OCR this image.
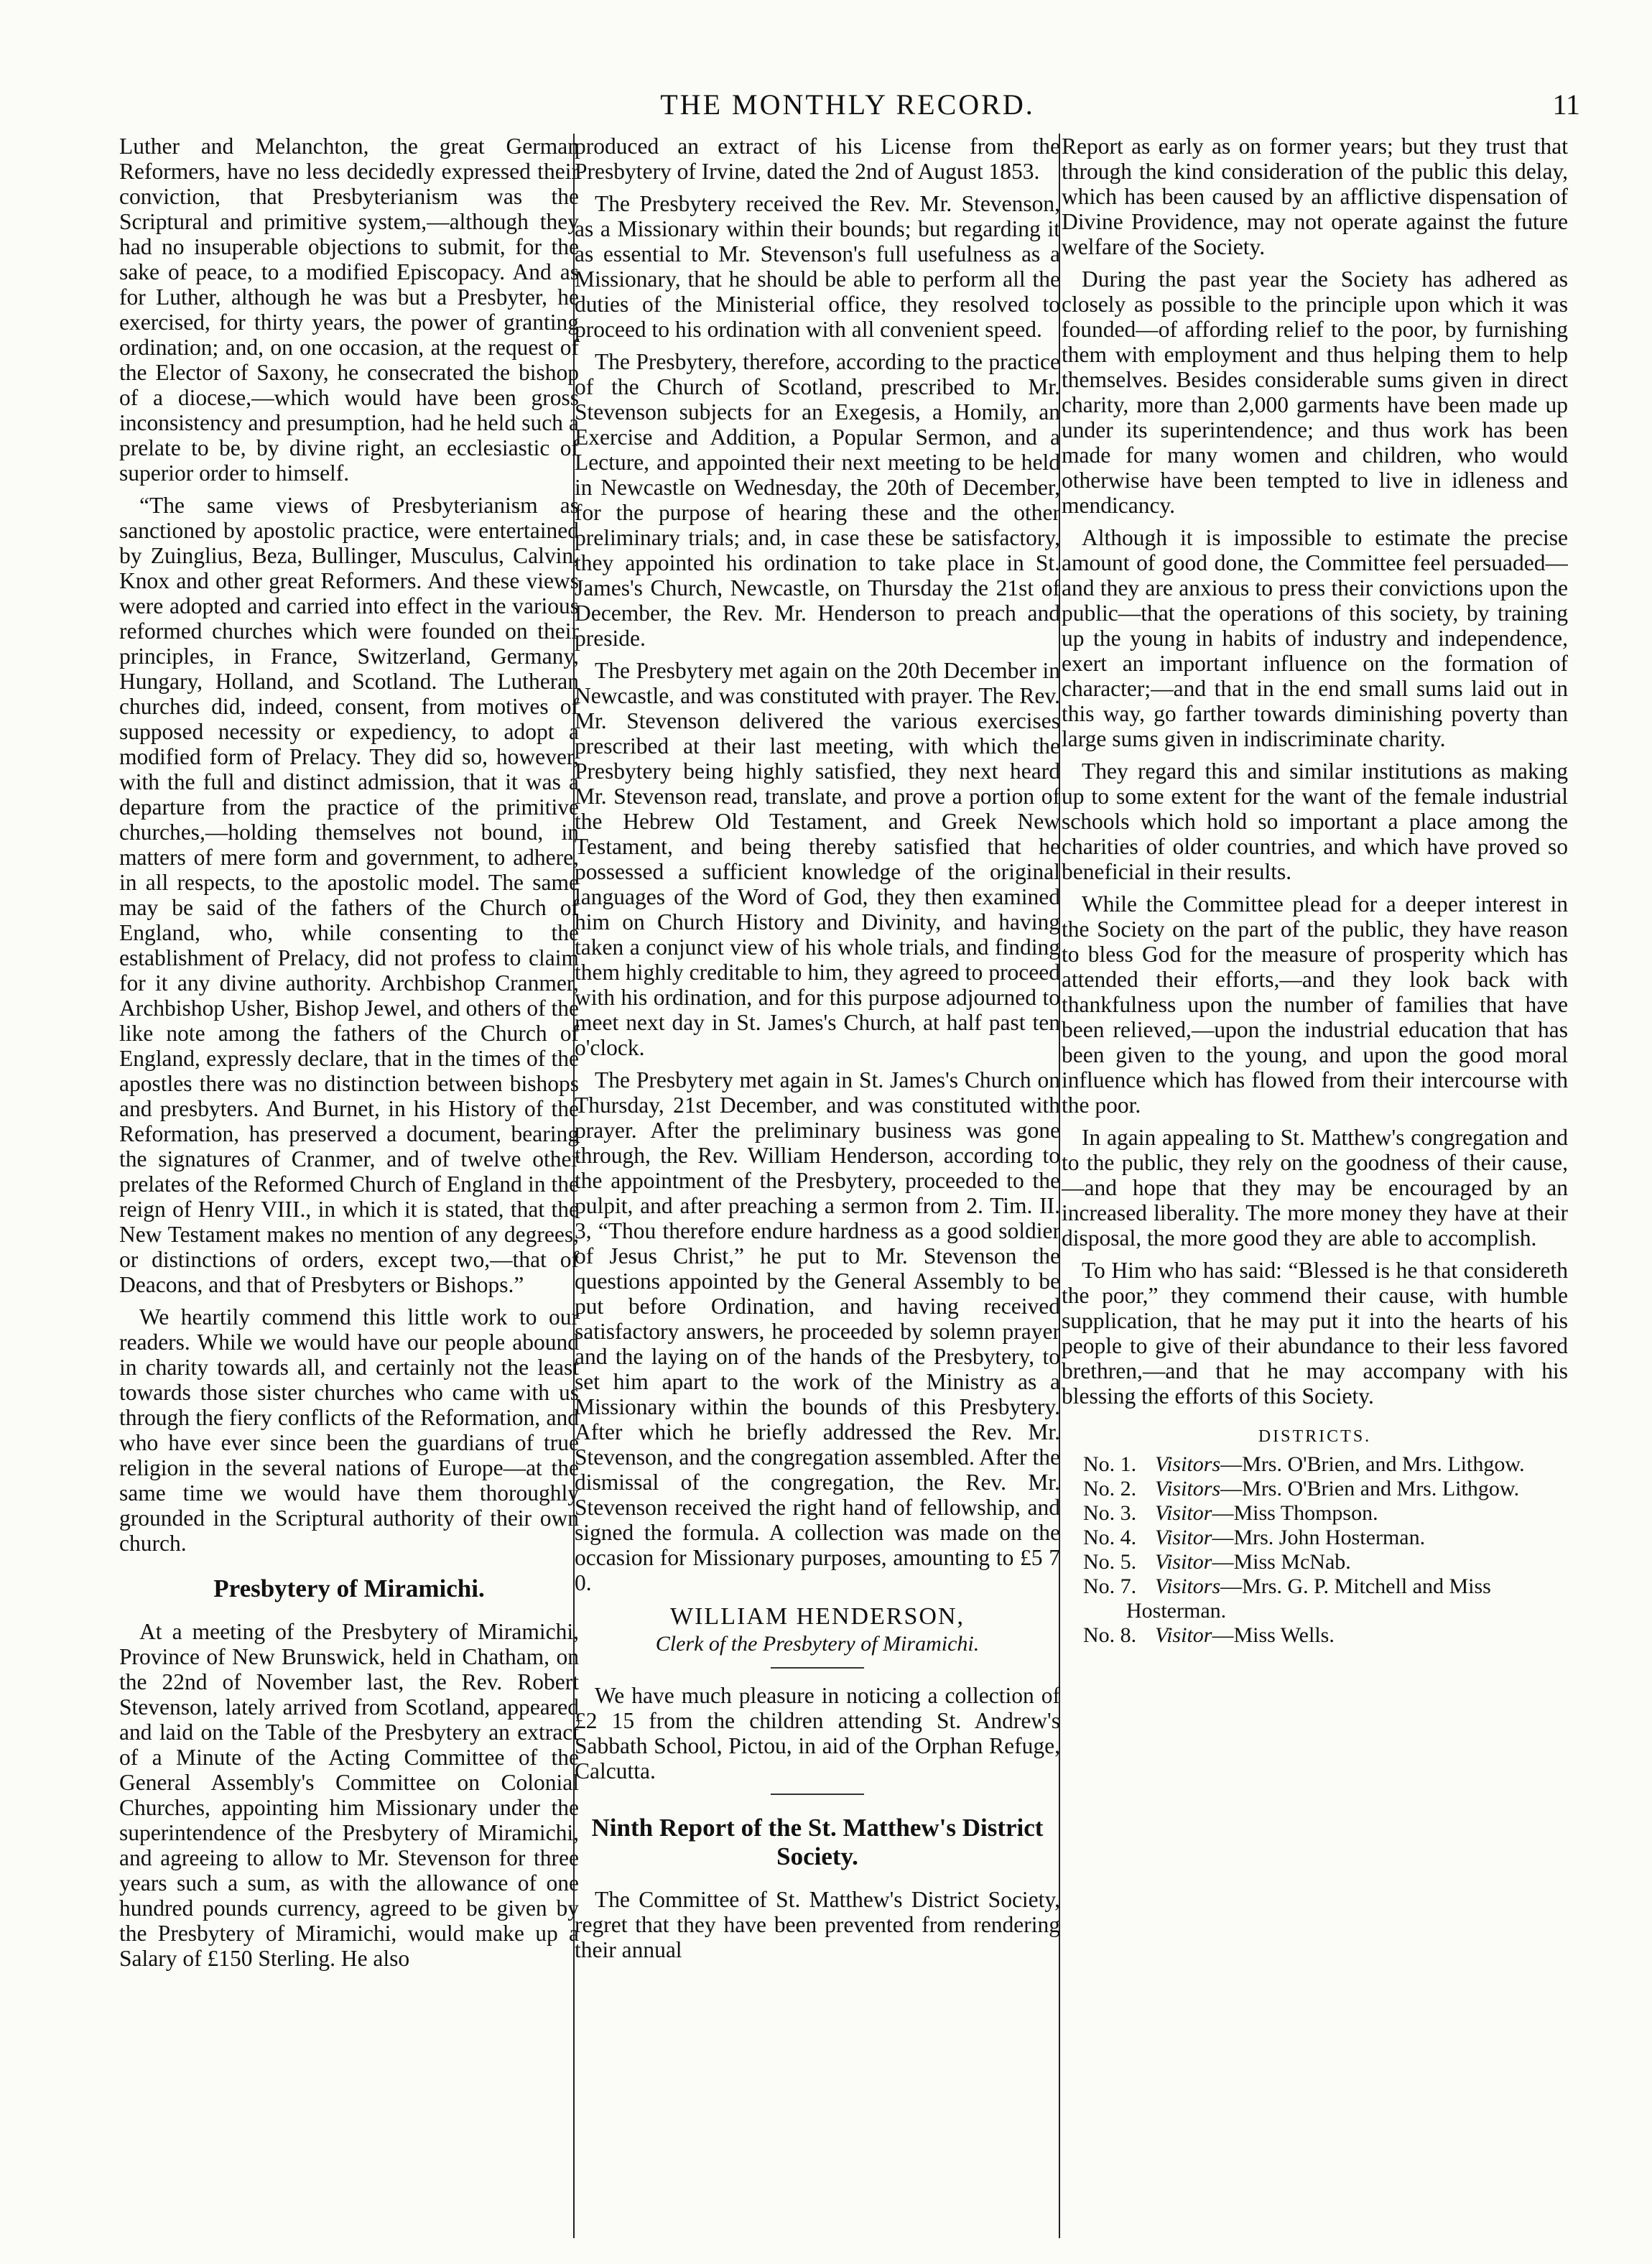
THE MONTHLY RECORD.	11

Luther and Melanchton, the great German Reformers, have no less decidedly expressed their conviction, that Presbyterianism was the Scriptural and primitive system,—although they had no insuperable objections to submit, for the sake of peace, to a modified Episcopacy. And as for Luther, although he was but a Presbyter, he exercised, for thirty years, the power of granting ordination; and, on one occasion, at the request of the Elector of Saxony, he consecrated the bishop of a diocese,—which would have been gross inconsistency and presumption, had he held such a prelate to be, by divine right, an ecclesiastic of superior order to himself.

“The same views of Presbyterianism as sanctioned by apostolic practice, were entertained by Zuinglius, Beza, Bullinger, Musculus, Calvin, Knox and other great Reformers. And these views were adopted and carried into effect in the various reformed churches which were founded on their principles, in France, Switzerland, Germany, Hungary, Holland, and Scotland. The Lutheran churches did, indeed, consent, from motives of supposed necessity or expediency, to adopt a modified form of Prelacy. They did so, however, with the full and distinct admission, that it was a departure from the practice of the primitive churches,—holding themselves not bound, in matters of mere form and government, to adhere, in all respects, to the apostolic model. The same may be said of the fathers of the Church of England, who, while consenting to the establishment of Prelacy, did not profess to claim for it any divine authority. Archbishop Cranmer, Archbishop Usher, Bishop Jewel, and others of the like note among the fathers of the Church of England, expressly declare, that in the times of the apostles there was no distinction between bishops and presbyters. And Burnet, in his History of the Reformation, has preserved a document, bearing the signatures of Cranmer, and of twelve other prelates of the Reformed Church of England in the reign of Henry VIII., in which it is stated, that the New Testament makes no mention of any degrees, or distinctions of orders, except two,—that of Deacons, and that of Presbyters or Bishops.”

We heartily commend this little work to our readers. While we would have our people abound in charity towards all, and certainly not the least towards those sister churches who came with us through the fiery conflicts of the Reformation, and who have ever since been the guardians of true religion in the several nations of Europe—at the same time we would have them thoroughly grounded in the Scriptural authority of their own church.

Presbytery of Miramichi.

At a meeting of the Presbytery of Miramichi, Province of New Brunswick, held in Chatham, on the 22nd of November last, the Rev. Robert Stevenson, lately arrived from Scotland, appeared and laid on the Table of the Presbytery an extract of a Minute of the Acting Committee of the General Assembly's Committee on Colonial Churches, appointing him Missionary under the superintendence of the Presbytery of Miramichi, and agreeing to allow to Mr. Stevenson for three years such a sum, as with the allowance of one hundred pounds currency, agreed to be given by the Presbytery of Miramichi, would make up a Salary of £150 Sterling. He also

produced an extract of his License from the Presbytery of Irvine, dated the 2nd of August 1853.

The Presbytery received the Rev. Mr. Stevenson, as a Missionary within their bounds; but regarding it as essential to Mr. Stevenson's full usefulness as a Missionary, that he should be able to perform all the duties of the Ministerial office, they resolved to proceed to his ordination with all convenient speed.

The Presbytery, therefore, according to the practice of the Church of Scotland, prescribed to Mr. Stevenson subjects for an Exegesis, a Homily, an Exercise and Addition, a Popular Sermon, and a Lecture, and appointed their next meeting to be held in Newcastle on Wednesday, the 20th of December, for the purpose of hearing these and the other preliminary trials; and, in case these be satisfactory, they appointed his ordination to take place in St. James's Church, Newcastle, on Thursday the 21st of December, the Rev. Mr. Henderson to preach and preside.

The Presbytery met again on the 20th December in Newcastle, and was constituted with prayer. The Rev. Mr. Stevenson delivered the various exercises prescribed at their last meeting, with which the Presbytery being highly satisfied, they next heard Mr. Stevenson read, translate, and prove a portion of the Hebrew Old Testament, and Greek New Testament, and being thereby satisfied that he possessed a sufficient knowledge of the original languages of the Word of God, they then examined him on Church History and Divinity, and having taken a conjunct view of his whole trials, and finding them highly creditable to him, they agreed to proceed with his ordination, and for this purpose adjourned to meet next day in St. James's Church, at half past ten o'clock.

The Presbytery met again in St. James's Church on Thursday, 21st December, and was constituted with prayer. After the preliminary business was gone through, the Rev. William Henderson, according to the appointment of the Presbytery, proceeded to the pulpit, and after preaching a sermon from 2. Tim. II. 3, “Thou therefore endure hardness as a good soldier of Jesus Christ,” he put to Mr. Stevenson the questions appointed by the General Assembly to be put before Ordination, and having received satisfactory answers, he proceeded by solemn prayer and the laying on of the hands of the Presbytery, to set him apart to the work of the Ministry as a Missionary within the bounds of this Presbytery. After which he briefly addressed the Rev. Mr. Stevenson, and the congregation assembled. After the dismissal of the congregation, the Rev. Mr. Stevenson received the right hand of fellowship, and signed the formula. A collection was made on the occasion for Missionary purposes, amounting to £5 7 0.

WILLIAM HENDERSON,
Clerk of the Presbytery of Miramichi.

We have much pleasure in noticing a collection of £2 15 from the children attending St. Andrew's Sabbath School, Pictou, in aid of the Orphan Refuge, Calcutta.

Ninth Report of the St. Matthew's District Society.

The Committee of St. Matthew's District Society, regret that they have been prevented from rendering their annual

Report as early as on former years; but they trust that through the kind consideration of the public this delay, which has been caused by an afflictive dispensation of Divine Providence, may not operate against the future welfare of the Society.

During the past year the Society has adhered as closely as possible to the principle upon which it was founded—of affording relief to the poor, by furnishing them with employment and thus helping them to help themselves. Besides considerable sums given in direct charity, more than 2,000 garments have been made up under its superintendence; and thus work has been made for many women and children, who would otherwise have been tempted to live in idleness and mendicancy.

Although it is impossible to estimate the precise amount of good done, the Committee feel persuaded—and they are anxious to press their convictions upon the public—that the operations of this society, by training up the young in habits of industry and independence, exert an important influence on the formation of character;—and that in the end small sums laid out in this way, go farther towards diminishing poverty than large sums given in indiscriminate charity.

They regard this and similar institutions as making up to some extent for the want of the female industrial schools which hold so important a place among the charities of older countries, and which have proved so beneficial in their results.

While the Committee plead for a deeper interest in the Society on the part of the public, they have reason to bless God for the measure of prosperity which has attended their efforts,—and they look back with thankfulness upon the number of families that have been relieved,—upon the industrial education that has been given to the young, and upon the good moral influence which has flowed from their intercourse with the poor.

In again appealing to St. Matthew's congregation and to the public, they rely on the goodness of their cause,—and hope that they may be encouraged by an increased liberality. The more money they have at their disposal, the more good they are able to accomplish.

To Him who has said: “Blessed is he that considereth the poor,” they commend their cause, with humble supplication, that he may put it into the hearts of his people to give of their abundance to their less favored brethren,—and that he may accompany with his blessing the efforts of this Society.

DISTRICTS.

No. 1. Visitors—Mrs. O'Brien, and Mrs. Lithgow.

No. 2. Visitors—Mrs. O'Brien and Mrs. Lithgow.

No. 3. Visitor—Miss Thompson.

No. 4. Visitor—Mrs. John Hosterman.

No. 5. Visitor—Miss McNab.

No. 7. Visitors—Mrs. G. P. Mitchell and Miss Hosterman.

No. 8. Visitor—Miss Wells.
